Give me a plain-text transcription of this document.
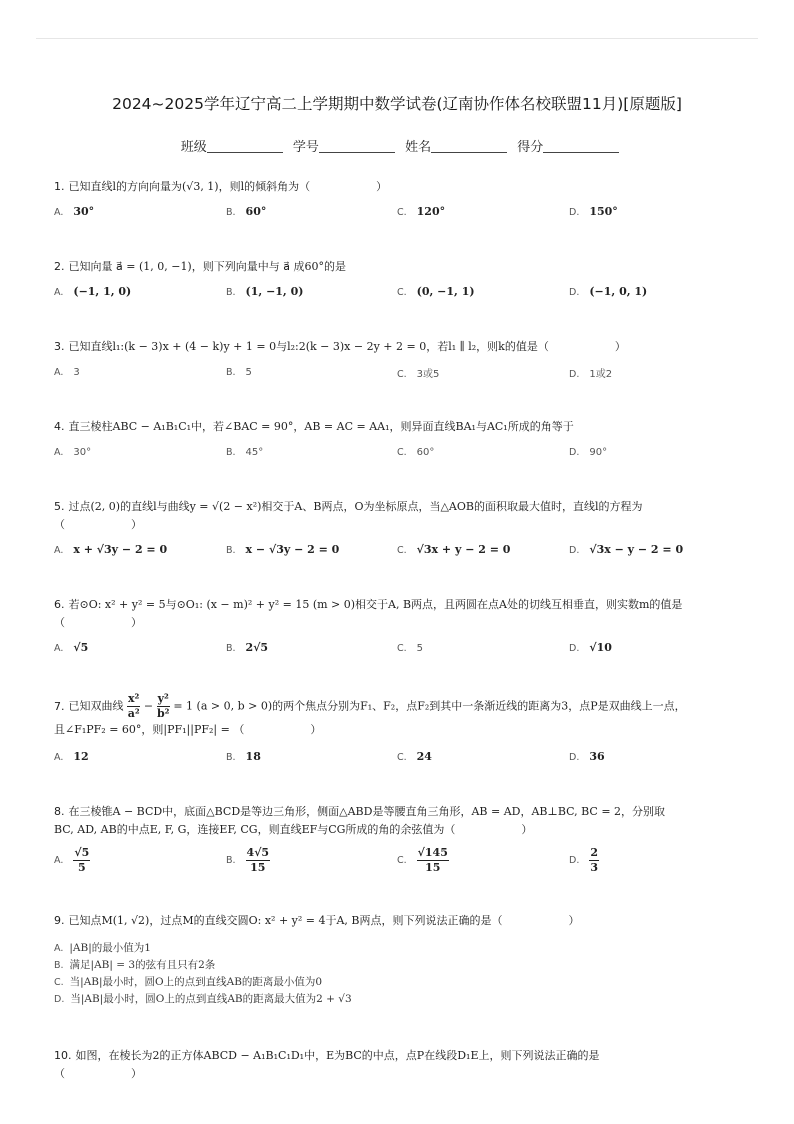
2024~2025学年辽宁高二上学期期中数学试卷(辽南协作体名校联盟11月)[原题版]
班级	学号	姓名	得分
1. 已知直线l的方向向量为(√3, 1)，则l的倾斜角为（　　　　　　）
A. 30°	B. 60°	C. 120°	D. 150°
2. 已知向量 a⃗ = (1, 0, −1)，则下列向量中与 a⃗ 成60°的是
A. (−1, 1, 0)	B. (1, −1, 0)	C. (0, −1, 1)	D. (−1, 0, 1)
3. 已知直线l₁:(k − 3)x + (4 − k)y + 1 = 0与l₂:2(k − 3)x − 2y + 2 = 0，若l₁ ∥ l₂，则k的值是（　　　　　　）
A. 3	B. 5	C. 3或5	D. 1或2
4. 直三棱柱ABC − A₁B₁C₁中，若∠BAC = 90°，AB = AC = AA₁，则异面直线BA₁与AC₁所成的角等于
A. 30°	B. 45°	C. 60°	D. 90°
5. 过点(2, 0)的直线l与曲线y = √(2 − x²)相交于A、B两点，O为坐标原点，当△AOB的面积取最大值时，直线l的方程为
（　　　　　　）
A. x + √3y − 2 = 0	B. x − √3y − 2 = 0	C. √3x + y − 2 = 0	D. √3x − y − 2 = 0
6. 若⊙O: x² + y² = 5与⊙O₁: (x − m)² + y² = 15 (m > 0)相交于A, B两点，且两圆在点A处的切线互相垂直，则实数m的值是
（　　　　　　）
A. √5	B. 2√5	C. 5	D. √10
7. 已知双曲线 $\frac{\text{x²}}{\text{a²}} - \frac{\text{y²}}{\text{b²}} = 1$ (a > 0, b > 0)的两个焦点分别为F₁、F₂，点F₂到其中一条渐近线的距离为3，点P是双曲线上一点，
且∠F₁PF₂ = 60°，则|PF₁||PF₂| = （　　　　　　）
A. 12	B. 18	C. 24	D. 36
8. 在三棱锥A − BCD中，底面△BCD是等边三角形，侧面△ABD是等腰直角三角形，AB = AD，AB⊥BC, BC = 2，分别取
BC, AD, AB的中点E, F, G，连接EF, CG，则直线EF与CG所成的角的余弦值为（　　　　　　）
A. $\frac{√5}{5}$	B. $\frac{4√5}{15}$	C. $\frac{√145}{15}$	D. $\frac{2}{3}$
9. 已知点M(1, √2)，过点M的直线交圆O: x² + y² = 4于A, B两点，则下列说法正确的是（　　　　　　）
A. |AB|的最小值为1
B. 满足|AB| = 3的弦有且只有2条
C. 当|AB|最小时，圆O上的点到直线AB的距离最小值为0
D. 当|AB|最小时，圆O上的点到直线AB的距离最大值为2 + √3
10. 如图，在棱长为2的正方体ABCD − A₁B₁C₁D₁中，E为BC的中点，点P在线段D₁E上，则下列说法正确的是
（　　　　　　）
